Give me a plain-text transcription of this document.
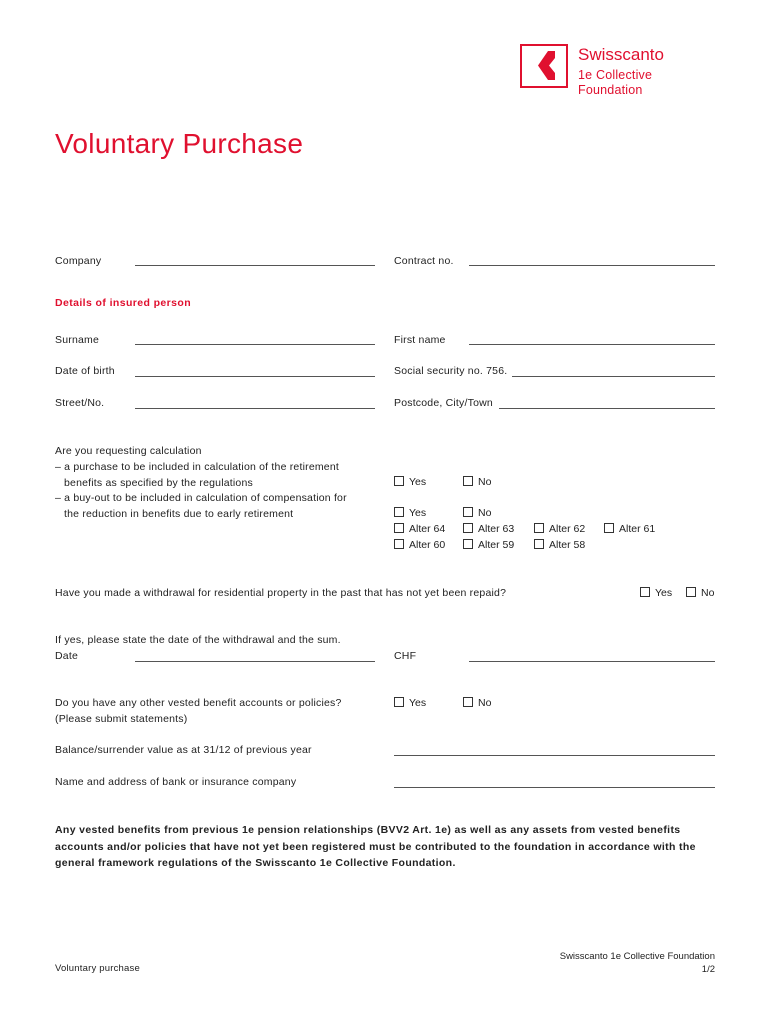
Swisscanto
1e Collective
Foundation
Voluntary Purchase
Company	Contract no.
Details of insured person
Surname	First name
Date of birth	Social security no. 756.
Street/No.	Postcode, City/Town
Are you requesting calculation
– a purchase to be included in calculation of the retirement
benefits as specified by the regulations
– a buy-out to be included in calculation of compensation for
the reduction in benefits due to early retirement
Yes	No
Yes	No
Alter 64	Alter 63	Alter 62	Alter 61
Alter 60	Alter 59	Alter 58
Have you made a withdrawal for residential property in the past that has not yet been repaid?	Yes	No
If yes, please state the date of the withdrawal and the sum.
Date	CHF
Do you have any other vested benefit accounts or policies?
(Please submit statements)
Yes	No
Balance/surrender value as at 31/12 of previous year
Name and address of bank or insurance company
Any vested benefits from previous 1e pension relationships (BVV2 Art. 1e) as well as any assets from vested benefits accounts and/or policies that have not yet been registered must be contributed to the foundation in accordance with the general framework regulations of the Swisscanto 1e Collective Foundation.
Voluntary purchase
Swisscanto 1e Collective Foundation
1/2
